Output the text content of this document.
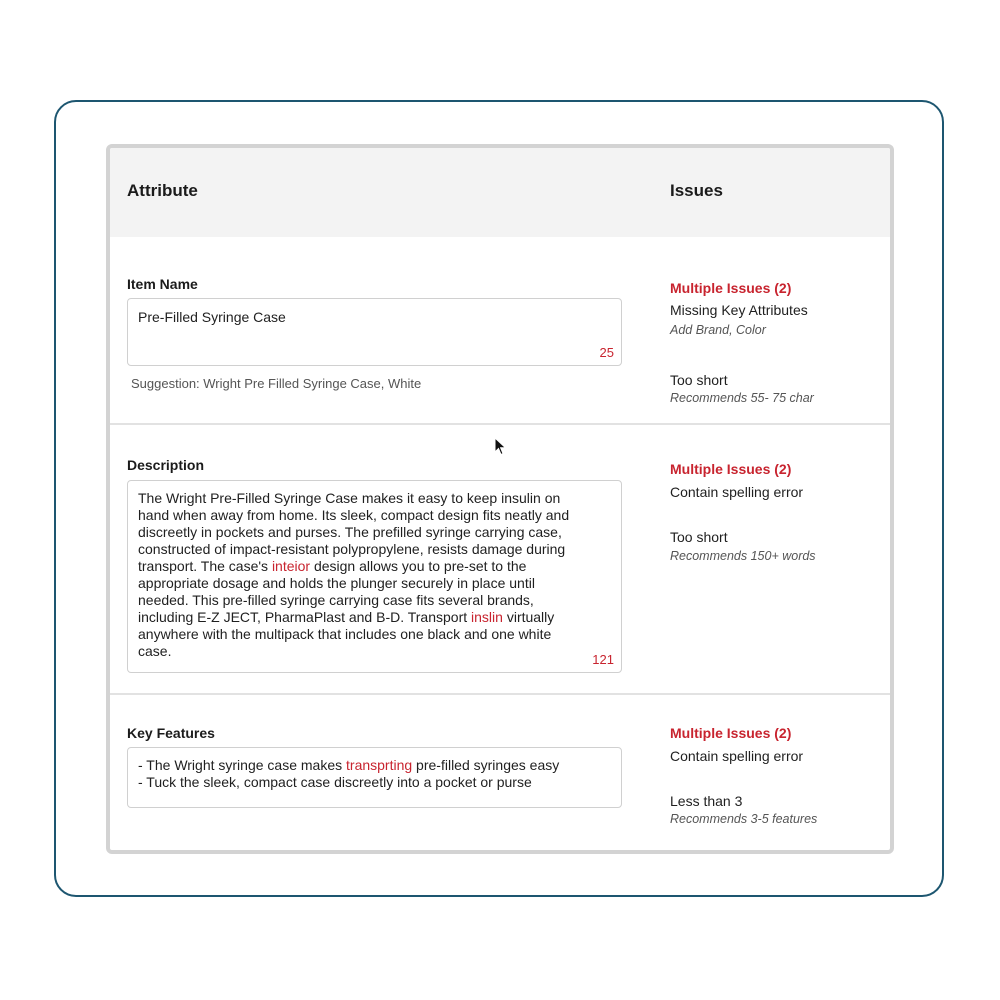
Attribute	Issues
Item Name
Pre-Filled Syringe Case
25
Suggestion: Wright Pre Filled Syringe Case, White
Multiple Issues (2)
Missing Key Attributes
Add Brand, Color
Too short
Recommends 55- 75 char
Description
The Wright Pre-Filled Syringe Case makes it easy to keep insulin on
hand when away from home. Its sleek, compact design fits neatly and
discreetly in pockets and purses. The prefilled syringe carrying case,
constructed of impact-resistant polypropylene, resists damage during
transport. The case's inteior design allows you to pre-set to the
appropriate dosage and holds the plunger securely in place until
needed. This pre-filled syringe carrying case fits several brands,
including E-Z JECT, PharmaPlast and B-D. Transport inslin virtually
anywhere with the multipack that includes one black and one white
case.
121
Multiple Issues (2)
Contain spelling error
Too short
Recommends 150+ words
Key Features
- The Wright syringe case makes transprting pre-filled syringes easy
- Tuck the sleek, compact case discreetly into a pocket or purse
Multiple Issues (2)
Contain spelling error
Less than 3
Recommends 3-5 features
